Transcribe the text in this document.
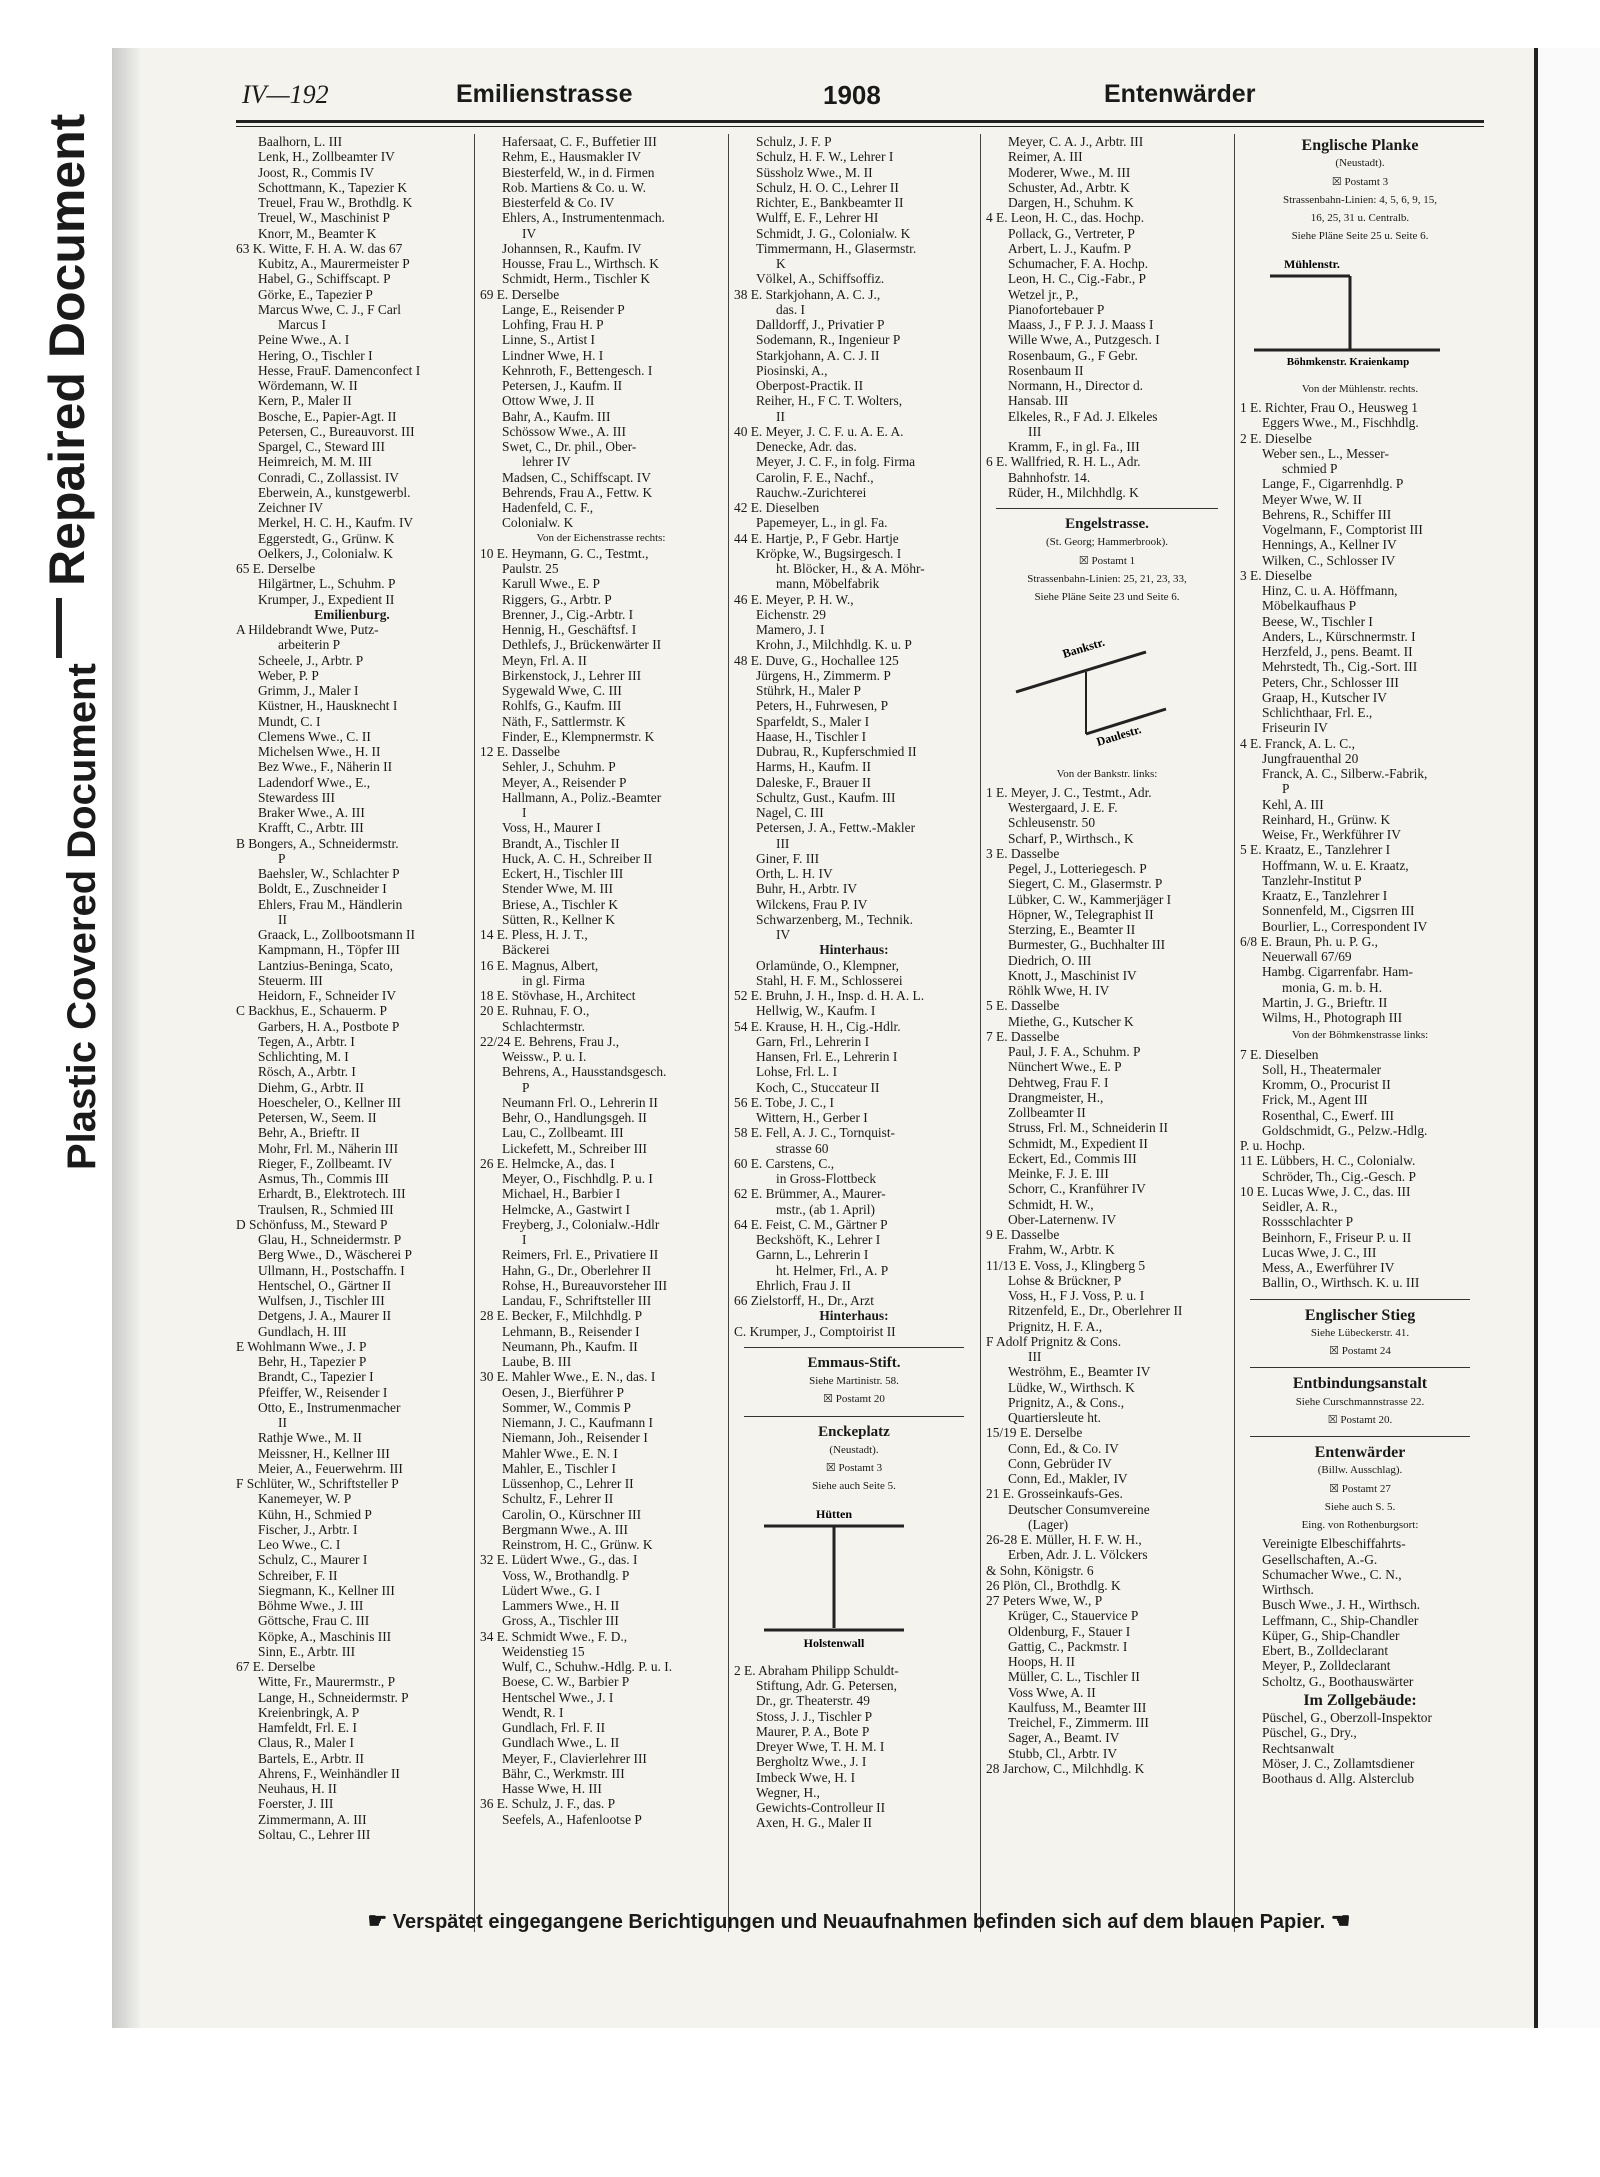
Repaired Document
Plastic Covered Document
IV—192	Emilienstrasse	1908	Entenwärder
Baalhorn, L. III
Lenk, H., Zollbeamter IV
Joost, R., Commis IV
Schottmann, K., Tapezier K
Treuel, Frau W., Brothdlg. K
Treuel, W., Maschinist P
Knorr, M., Beamter K
63 K. Witte, F. H. A. W. das 67
Kubitz, A., Maurermeister P
Habel, G., Schiffscapt. P
Görke, E., Tapezier P
Marcus Wwe, C. J., F Carl
Marcus I
Peine Wwe., A. I
Hering, O., Tischler I
Hesse, FrauF. Damenconfect I
Wördemann, W. II
Kern, P., Maler II
Bosche, E., Papier-Agt. II
Petersen, C., Bureauvorst. III
Spargel, C., Steward III
Heimreich, M. M. III
Conradi, C., Zollassist. IV
Eberwein, A., kunstgewerbl.
Zeichner IV
Merkel, H. C. H., Kaufm. IV
Eggerstedt, G., Grünw. K
Oelkers, J., Colonialw. K
65 E. Derselbe
Hilgärtner, L., Schuhm. P
Krumper, J., Expedient II
Emilienburg.
A Hildebrandt Wwe, Putz-
arbeiterin P
Scheele, J., Arbtr. P
Weber, P. P
Grimm, J., Maler I
Küstner, H., Hausknecht I
Mundt, C. I
Clemens Wwe., C. II
Michelsen Wwe., H. II
Bez Wwe., F., Näherin II
Ladendorf Wwe., E.,
Stewardess III
Braker Wwe., A. III
Krafft, C., Arbtr. III
B Bongers, A., Schneidermstr.
P
Baehsler, W., Schlachter P
Boldt, E., Zuschneider I
Ehlers, Frau M., Händlerin
II
Graack, L., Zollbootsmann II
Kampmann, H., Töpfer III
Lantzius-Beninga, Scato,
Steuerm. III
Heidorn, F., Schneider IV
C Backhus, E., Schauerm. P
Garbers, H. A., Postbote P
Tegen, A., Arbtr. I
Schlichting, M. I
Rösch, A., Arbtr. I
Diehm, G., Arbtr. II
Hoescheler, O., Kellner III
Petersen, W., Seem. II
Behr, A., Brieftr. II
Mohr, Frl. M., Näherin III
Rieger, F., Zollbeamt. IV
Asmus, Th., Commis III
Erhardt, B., Elektrotech. III
Traulsen, R., Schmied III
D Schönfuss, M., Steward P
Glau, H., Schneidermstr. P
Berg Wwe., D., Wäscherei P
Ullmann, H., Postschaffn. I
Hentschel, O., Gärtner II
Wulfsen, J., Tischler III
Detgens, J. A., Maurer II
Gundlach, H. III
E Wohlmann Wwe., J. P
Behr, H., Tapezier P
Brandt, C., Tapezier I
Pfeiffer, W., Reisender I
Otto, E., Instrumenmacher
II
Rathje Wwe., M. II
Meissner, H., Kellner III
Meier, A., Feuerwehrm. III
F Schlüter, W., Schriftsteller P
Kanemeyer, W. P
Kühn, H., Schmied P
Fischer, J., Arbtr. I
Leo Wwe., C. I
Schulz, C., Maurer I
Schreiber, F. II
Siegmann, K., Kellner III
Böhme Wwe., J. III
Göttsche, Frau C. III
Köpke, A., Maschinis III
Sinn, E., Arbtr. III
67 E. Derselbe
Witte, Fr., Maurermstr., P
Lange, H., Schneidermstr. P
Kreienbringk, A. P
Hamfeldt, Frl. E. I
Claus, R., Maler I
Bartels, E., Arbtr. II
Ahrens, F., Weinhändler II
Neuhaus, H. II
Foerster, J. III
Zimmermann, A. III
Soltau, C., Lehrer III
Hafersaat, C. F., Buffetier III
Rehm, E., Hausmakler IV
Biesterfeld, W., in d. Firmen
Rob. Martiens & Co. u. W.
Biesterfeld & Co. IV
Ehlers, A., Instrumentenmach.
IV
Johannsen, R., Kaufm. IV
Housse, Frau L., Wirthsch. K
Schmidt, Herm., Tischler K
69 E. Derselbe
Lange, E., Reisender P
Lohfing, Frau H. P
Linne, S., Artist I
Lindner Wwe, H. I
Kehnroth, F., Bettengesch. I
Petersen, J., Kaufm. II
Ottow Wwe, J. II
Bahr, A., Kaufm. III
Schössow Wwe., A. III
Swet, C., Dr. phil., Ober-
lehrer IV
Madsen, C., Schiffscapt. IV
Behrends, Frau A., Fettw. K
Hadenfeld, C. F.,
Colonialw. K
Von der Eichenstrasse rechts:
10 E. Heymann, G. C., Testmt.,
Paulstr. 25
Karull Wwe., E. P
Riggers, G., Arbtr. P
Brenner, J., Cig.-Arbtr. I
Hennig, H., Geschäftsf. I
Dethlefs, J., Brückenwärter II
Meyn, Frl. A. II
Birkenstock, J., Lehrer III
Sygewald Wwe, C. III
Rohlfs, G., Kaufm. III
Näth, F., Sattlermstr. K
Finder, E., Klempnermstr. K
12 E. Dasselbe
Sehler, J., Schuhm. P
Meyer, A., Reisender P
Hallmann, A., Poliz.-Beamter
I
Voss, H., Maurer I
Brandt, A., Tischler II
Huck, A. C. H., Schreiber II
Eckert, H., Tischler III
Stender Wwe, M. III
Briese, A., Tischler K
Sütten, R., Kellner K
14 E. Pless, H. J. T.,
Bäckerei
16 E. Magnus, Albert,
in gl. Firma
18 E. Stövhase, H., Architect
20 E. Ruhnau, F. O.,
Schlachtermstr.
22/24 E. Behrens, Frau J.,
Weissw., P. u. I.
Behrens, A., Hausstandsgesch.
P
Neumann Frl. O., Lehrerin II
Behr, O., Handlungsgeh. II
Lau, C., Zollbeamt. III
Lickefett, M., Schreiber III
26 E. Helmcke, A., das. I
Meyer, O., Fischhdlg. P. u. I
Michael, H., Barbier I
Helmcke, A., Gastwirt I
Freyberg, J., Colonialw.-Hdlr
I
Reimers, Frl. E., Privatiere II
Hahn, G., Dr., Oberlehrer II
Rohse, H., Bureauvorsteher III
Landau, F., Schriftsteller III
28 E. Becker, F., Milchhdlg. P
Lehmann, B., Reisender I
Neumann, Ph., Kaufm. II
Laube, B. III
30 E. Mahler Wwe., E. N., das. I
Oesen, J., Bierführer P
Sommer, W., Commis P
Niemann, J. C., Kaufmann I
Niemann, Joh., Reisender I
Mahler Wwe., E. N. I
Mahler, E., Tischler I
Lüssenhop, C., Lehrer II
Schultz, F., Lehrer II
Carolin, O., Kürschner III
Bergmann Wwe., A. III
Reinstrom, H. C., Grünw. K
32 E. Lüdert Wwe., G., das. I
Voss, W., Brothandlg. P
Lüdert Wwe., G. I
Lammers Wwe., H. II
Gross, A., Tischler III
34 E. Schmidt Wwe., F. D.,
Weidenstieg 15
Wulf, C., Schuhw.-Hdlg. P. u. I.
Boese, C. W., Barbier P
Hentschel Wwe., J. I
Wendt, R. I
Gundlach, Frl. F. II
Gundlach Wwe., L. II
Meyer, F., Clavierlehrer III
Bähr, C., Werkmstr. III
Hasse Wwe, H. III
36 E. Schulz, J. F., das. P
Seefels, A., Hafenlootse P
Schulz, J. F. P
Schulz, H. F. W., Lehrer I
Süssholz Wwe., M. II
Schulz, H. O. C., Lehrer II
Richter, E., Bankbeamter II
Wulff, E. F., Lehrer HI
Schmidt, J. G., Colonialw. K
Timmermann, H., Glasermstr.
K
Völkel, A., Schiffsoffiz.
38 E. Starkjohann, A. C. J.,
das. I
Dalldorff, J., Privatier P
Sodemann, R., Ingenieur P
Starkjohann, A. C. J. II
Piosinski, A.,
Oberpost-Practik. II
Reiher, H., F C. T. Wolters,
II
40 E. Meyer, J. C. F. u. A. E. A.
Denecke, Adr. das.
Meyer, J. C. F., in folg. Firma
Carolin, F. E., Nachf.,
Rauchw.-Zurichterei
42 E. Dieselben
Papemeyer, L., in gl. Fa.
44 E. Hartje, P., F Gebr. Hartje
Kröpke, W., Bugsirgesch. I
ht. Blöcker, H., & A. Möhr-
mann, Möbelfabrik
46 E. Meyer, P. H. W.,
Eichenstr. 29
Mamero, J. I
Krohn, J., Milchhdlg. K. u. P
48 E. Duve, G., Hochallee 125
Jürgens, H., Zimmerm. P
Stührk, H., Maler P
Peters, H., Fuhrwesen, P
Sparfeldt, S., Maler I
Haase, H., Tischler I
Dubrau, R., Kupferschmied II
Harms, H., Kaufm. II
Daleske, F., Brauer II
Schultz, Gust., Kaufm. III
Nagel, C. III
Petersen, J. A., Fettw.-Makler
III
Giner, F. III
Orth, L. H. IV
Buhr, H., Arbtr. IV
Wilckens, Frau P. IV
Schwarzenberg, M., Technik.
IV
Hinterhaus:
Orlamünde, O., Klempner,
Stahl, H. F. M., Schlosserei
52 E. Bruhn, J. H., Insp. d. H. A. L.
Hellwig, W., Kaufm. I
54 E. Krause, H. H., Cig.-Hdlr.
Garn, Frl., Lehrerin I
Hansen, Frl. E., Lehrerin I
Lohse, Frl. L. I
Koch, C., Stuccateur II
56 E. Tobe, J. C., I
Wittern, H., Gerber I
58 E. Fell, A. J. C., Tornquist-
strasse 60
60 E. Carstens, C.,
in Gross-Flottbeck
62 E. Brümmer, A., Maurer-
mstr., (ab 1. April)
64 E. Feist, C. M., Gärtner P
Beckshöft, K., Lehrer I
Garnn, L., Lehrerin I
ht. Helmer, Frl., A. P
Ehrlich, Frau J. II
66 Zielstorff, H., Dr., Arzt
Hinterhaus:
C. Krumper, J., Comptoirist II
Emmaus-Stift.
Siehe Martinistr. 58.
☒ Postamt 20
Enckeplatz
(Neustadt).
☒ Postamt 3
Siehe auch Seite 5.
Hütten
Holstenwall
2 E. Abraham Philipp Schuldt-
Stiftung, Adr. G. Petersen,
Dr., gr. Theaterstr. 49
Stoss, J. J., Tischler P
Maurer, P. A., Bote P
Dreyer Wwe, T. H. M. I
Bergholtz Wwe., J. I
Imbeck Wwe, H. I
Wegner, H.,
Gewichts-Controlleur II
Axen, H. G., Maler II
Meyer, C. A. J., Arbtr. III
Reimer, A. III
Moderer, Wwe., M. III
Schuster, Ad., Arbtr. K
Dargen, H., Schuhm. K
4 E. Leon, H. C., das. Hochp.
Pollack, G., Vertreter, P
Arbert, L. J., Kaufm. P
Schumacher, F. A. Hochp.
Leon, H. C., Cig.-Fabr., P
Wetzel jr., P.,
Pianofortebauer P
Maass, J., F P. J. J. Maass I
Wille Wwe, A., Putzgesch. I
Rosenbaum, G., F Gebr.
Rosenbaum II
Normann, H., Director d.
Hansab. III
Elkeles, R., F Ad. J. Elkeles
III
Kramm, F., in gl. Fa., III
6 E. Wallfried, R. H. L., Adr.
Bahnhofstr. 14.
Rüder, H., Milchhdlg. K
Engelstrasse.
(St. Georg; Hammerbrook).
☒ Postamt 1
Strassenbahn-Linien: 25, 21, 23, 33,
Siehe Pläne Seite 23 und Seite 6.
Bankstr.
Daulestr.
Von der Bankstr. links:
1 E. Meyer, J. C., Testmt., Adr.
Westergaard, J. E. F.
Schleusenstr. 50
Scharf, P., Wirthsch., K
3 E. Dasselbe
Pegel, J., Lotteriegesch. P
Siegert, C. M., Glasermstr. P
Lübker, C. W., Kammerjäger I
Höpner, W., Telegraphist II
Sterzing, E., Beamter II
Burmester, G., Buchhalter III
Diedrich, O. III
Knott, J., Maschinist IV
Röhlk Wwe, H. IV
5 E. Dasselbe
Miethe, G., Kutscher K
7 E. Dasselbe
Paul, J. F. A., Schuhm. P
Nünchert Wwe., E. P
Dehtweg, Frau F. I
Drangmeister, H.,
Zollbeamter II
Struss, Frl. M., Schneiderin II
Schmidt, M., Expedient II
Eckert, Ed., Commis III
Meinke, F. J. E. III
Schorr, C., Kranführer IV
Schmidt, H. W.,
Ober-Laternenw. IV
9 E. Dasselbe
Frahm, W., Arbtr. K
11/13 E. Voss, J., Klingberg 5
Lohse & Brückner, P
Voss, H., F J. Voss, P. u. I
Ritzenfeld, E., Dr., Oberlehrer II
Prignitz, H. F. A.,
F Adolf Prignitz & Cons.
III
Weströhm, E., Beamter IV
Lüdke, W., Wirthsch. K
Prignitz, A., & Cons.,
Quartiersleute ht.
15/19 E. Derselbe
Conn, Ed., & Co. IV
Conn, Gebrüder IV
Conn, Ed., Makler, IV
21 E. Grosseinkaufs-Ges.
Deutscher Consumvereine
(Lager)
26-28 E. Müller, H. F. W. H.,
Erben, Adr. J. L. Völckers
& Sohn, Königstr. 6
26 Plön, Cl., Brothdlg. K
27 Peters Wwe, W., P
Krüger, C., Stauervice P
Oldenburg, F., Stauer I
Gattig, C., Packmstr. I
Hoops, H. II
Müller, C. L., Tischler II
Voss Wwe, A. II
Kaulfuss, M., Beamter III
Treichel, F., Zimmerm. III
Sager, A., Beamt. IV
Stubb, Cl., Arbtr. IV
28 Jarchow, C., Milchhdlg. K
Englische Planke
(Neustadt).
☒ Postamt 3
Strassenbahn-Linien: 4, 5, 6, 9, 15,
16, 25, 31 u. Centralb.
Siehe Pläne Seite 25 u. Seite 6.
Mühlenstr.
Böhmkenstr. Kraienkamp
Von der Mühlenstr. rechts.
1 E. Richter, Frau O., Heusweg 1
Eggers Wwe., M., Fischhdlg.
2 E. Dieselbe
Weber sen., L., Messer-
schmied P
Lange, F., Cigarrenhdlg. P
Meyer Wwe, W. II
Behrens, R., Schiffer III
Vogelmann, F., Comptorist III
Hennings, A., Kellner IV
Wilken, C., Schlosser IV
3 E. Dieselbe
Hinz, C. u. A. Höffmann,
Möbelkaufhaus P
Beese, W., Tischler I
Anders, L., Kürschnermstr. I
Herzfeld, J., pens. Beamt. II
Mehrstedt, Th., Cig.-Sort. III
Peters, Chr., Schlosser III
Graap, H., Kutscher IV
Schlichthaar, Frl. E.,
Friseurin IV
4 E. Franck, A. L. C.,
Jungfrauenthal 20
Franck, A. C., Silberw.-Fabrik,
P
Kehl, A. III
Reinhard, H., Grünw. K
Weise, Fr., Werkführer IV
5 E. Kraatz, E., Tanzlehrer I
Hoffmann, W. u. E. Kraatz,
Tanzlehr-Institut P
Kraatz, E., Tanzlehrer I
Sonnenfeld, M., Cigsrren III
Bourlier, L., Correspondent IV
6/8 E. Braun, Ph. u. P. G.,
Neuerwall 67/69
Hambg. Cigarrenfabr. Ham-
monia, G. m. b. H.
Martin, J. G., Brieftr. II
Wilms, H., Photograph III
Von der Böhmkenstrasse links:
7 E. Dieselben
Soll, H., Theatermaler
Kromm, O., Procurist II
Frick, M., Agent III
Rosenthal, C., Ewerf. III
Goldschmidt, G., Pelzw.-Hdlg.
P. u. Hochp.
11 E. Lübbers, H. C., Colonialw.
Schröder, Th., Cig.-Gesch. P
10 E. Lucas Wwe, J. C., das. III
Seidler, A. R.,
Rossschlachter P
Beinhorn, F., Friseur P. u. II
Lucas Wwe, J. C., III
Mess, A., Ewerführer IV
Ballin, O., Wirthsch. K. u. III
Englischer Stieg
Siehe Lübeckerstr. 41.
☒ Postamt 24
Entbindungsanstalt
Siehe Curschmannstrasse 22.
☒ Postamt 20.
Entenwärder
(Billw. Ausschlag).
☒ Postamt 27
Siehe auch S. 5.
Eing. von Rothenburgsort:
Vereinigte Elbeschiffahrts-
Gesellschaften, A.-G.
Schumacher Wwe., C. N.,
Wirthsch.
Busch Wwe., J. H., Wirthsch.
Leffmann, C., Ship-Chandler
Küper, G., Ship-Chandler
Ebert, B., Zolldeclarant
Meyer, P., Zolldeclarant
Scholtz, G., Boothauswärter
Im Zollgebäude:
Püschel, G., Oberzoll-Inspektor
Püschel, G., Dry.,
Rechtsanwalt
Möser, J. C., Zollamtsdiener
Boothaus d. Allg. Alsterclub
☛ Verspätet eingegangene Berichtigungen und Neuaufnahmen befinden sich auf dem blauen Papier. ☚
